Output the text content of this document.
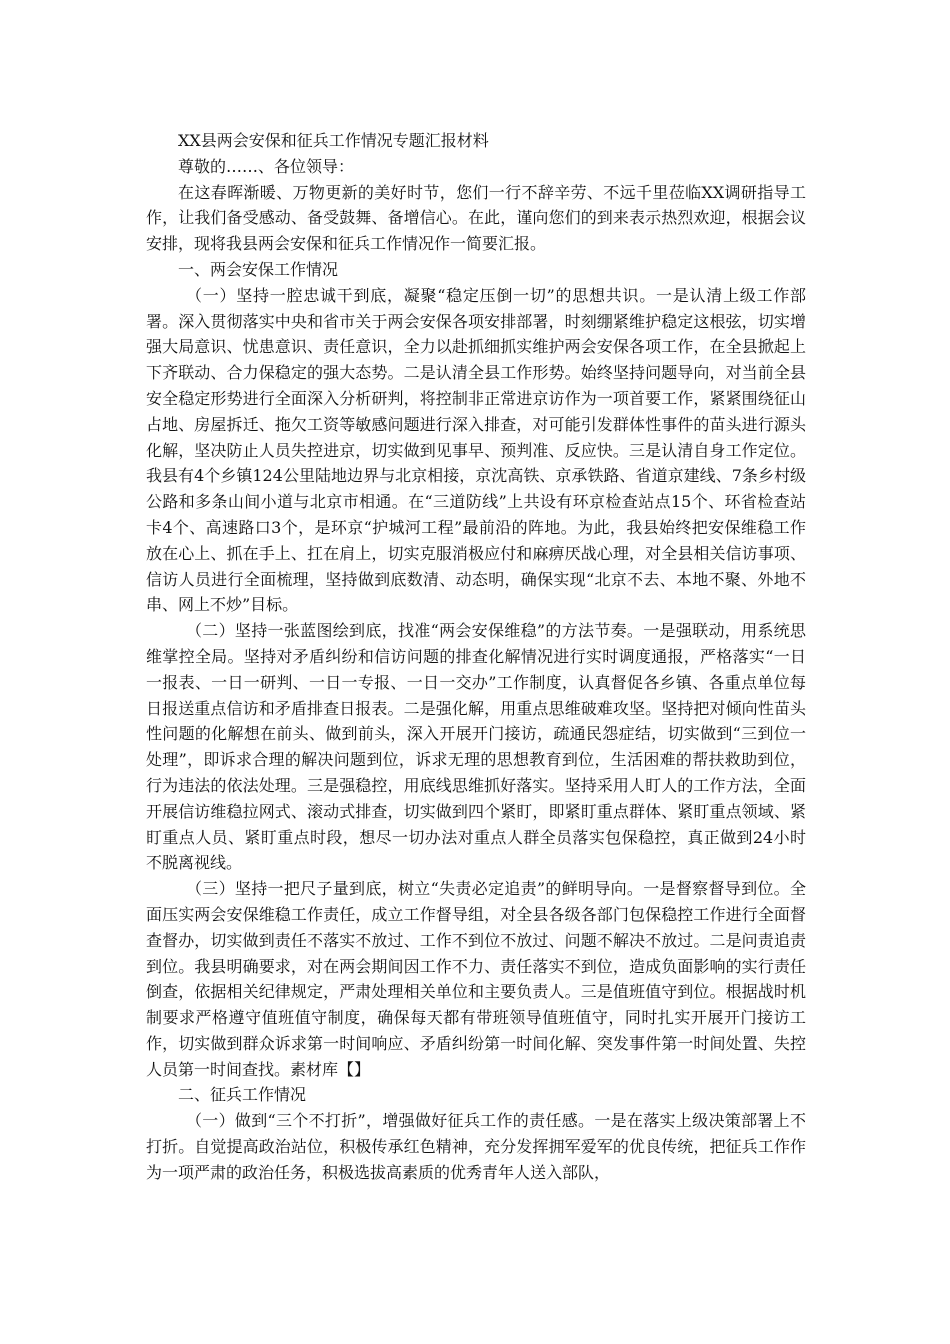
XX县两会安保和征兵工作情况专题汇报材料

尊敬的……、各位领导：

在这春晖渐暖、万物更新的美好时节，您们一行不辞辛劳、不远千里莅临XX调研指导工作，让我们备受感动、备受鼓舞、备增信心。在此，谨向您们的到来表示热烈欢迎，根据会议安排，现将我县两会安保和征兵工作情况作一简要汇报。

一、两会安保工作情况

（一）坚持一腔忠诚干到底，凝聚“稳定压倒一切”的思想共识。一是认清上级工作部署。深入贯彻落实中央和省市关于两会安保各项安排部署，时刻绷紧维护稳定这根弦，切实增强大局意识、忧患意识、责任意识，全力以赴抓细抓实维护两会安保各项工作，在全县掀起上下齐联动、合力保稳定的强大态势。二是认清全县工作形势。始终坚持问题导向，对当前全县安全稳定形势进行全面深入分析研判，将控制非正常进京访作为一项首要工作，紧紧围绕征山占地、房屋拆迁、拖欠工资等敏感问题进行深入排查，对可能引发群体性事件的苗头进行源头化解，坚决防止人员失控进京，切实做到见事早、预判准、反应快。三是认清自身工作定位。我县有4个乡镇124公里陆地边界与北京相接，京沈高铁、京承铁路、省道京建线、7条乡村级公路和多条山间小道与北京市相通。在“三道防线”上共设有环京检查站点15个、环省检查站卡4个、高速路口3个，是环京“护城河工程”最前沿的阵地。为此，我县始终把安保维稳工作放在心上、抓在手上、扛在肩上，切实克服消极应付和麻痹厌战心理，对全县相关信访事项、信访人员进行全面梳理，坚持做到底数清、动态明，确保实现“北京不去、本地不聚、外地不串、网上不炒”目标。

（二）坚持一张蓝图绘到底，找准“两会安保维稳”的方法节奏。一是强联动，用系统思维掌控全局。坚持对矛盾纠纷和信访问题的排查化解情况进行实时调度通报，严格落实“一日一报表、一日一研判、一日一专报、一日一交办”工作制度，认真督促各乡镇、各重点单位每日报送重点信访和矛盾排查日报表。二是强化解，用重点思维破难攻坚。坚持把对倾向性苗头性问题的化解想在前头、做到前头，深入开展开门接访，疏通民怨症结，切实做到“三到位一处理”，即诉求合理的解决问题到位，诉求无理的思想教育到位，生活困难的帮扶救助到位，行为违法的依法处理。三是强稳控，用底线思维抓好落实。坚持采用人盯人的工作方法，全面开展信访维稳拉网式、滚动式排查，切实做到四个紧盯，即紧盯重点群体、紧盯重点领域、紧盯重点人员、紧盯重点时段，想尽一切办法对重点人群全员落实包保稳控，真正做到24小时不脱离视线。

（三）坚持一把尺子量到底，树立“失责必定追责”的鲜明导向。一是督察督导到位。全面压实两会安保维稳工作责任，成立工作督导组，对全县各级各部门包保稳控工作进行全面督查督办，切实做到责任不落实不放过、工作不到位不放过、问题不解决不放过。二是问责追责到位。我县明确要求，对在两会期间因工作不力、责任落实不到位，造成负面影响的实行责任倒查，依据相关纪律规定，严肃处理相关单位和主要负责人。三是值班值守到位。根据战时机制要求严格遵守值班值守制度，确保每天都有带班领导值班值守，同时扎实开展开门接访工作，切实做到群众诉求第一时间响应、矛盾纠纷第一时间化解、突发事件第一时间处置、失控人员第一时间查找。素材库【】

二、征兵工作情况

（一）做到“三个不打折”，增强做好征兵工作的责任感。一是在落实上级决策部署上不打折。自觉提高政治站位，积极传承红色精神，充分发挥拥军爱军的优良传统，把征兵工作作为一项严肃的政治任务，积极选拔高素质的优秀青年人送入部队，
